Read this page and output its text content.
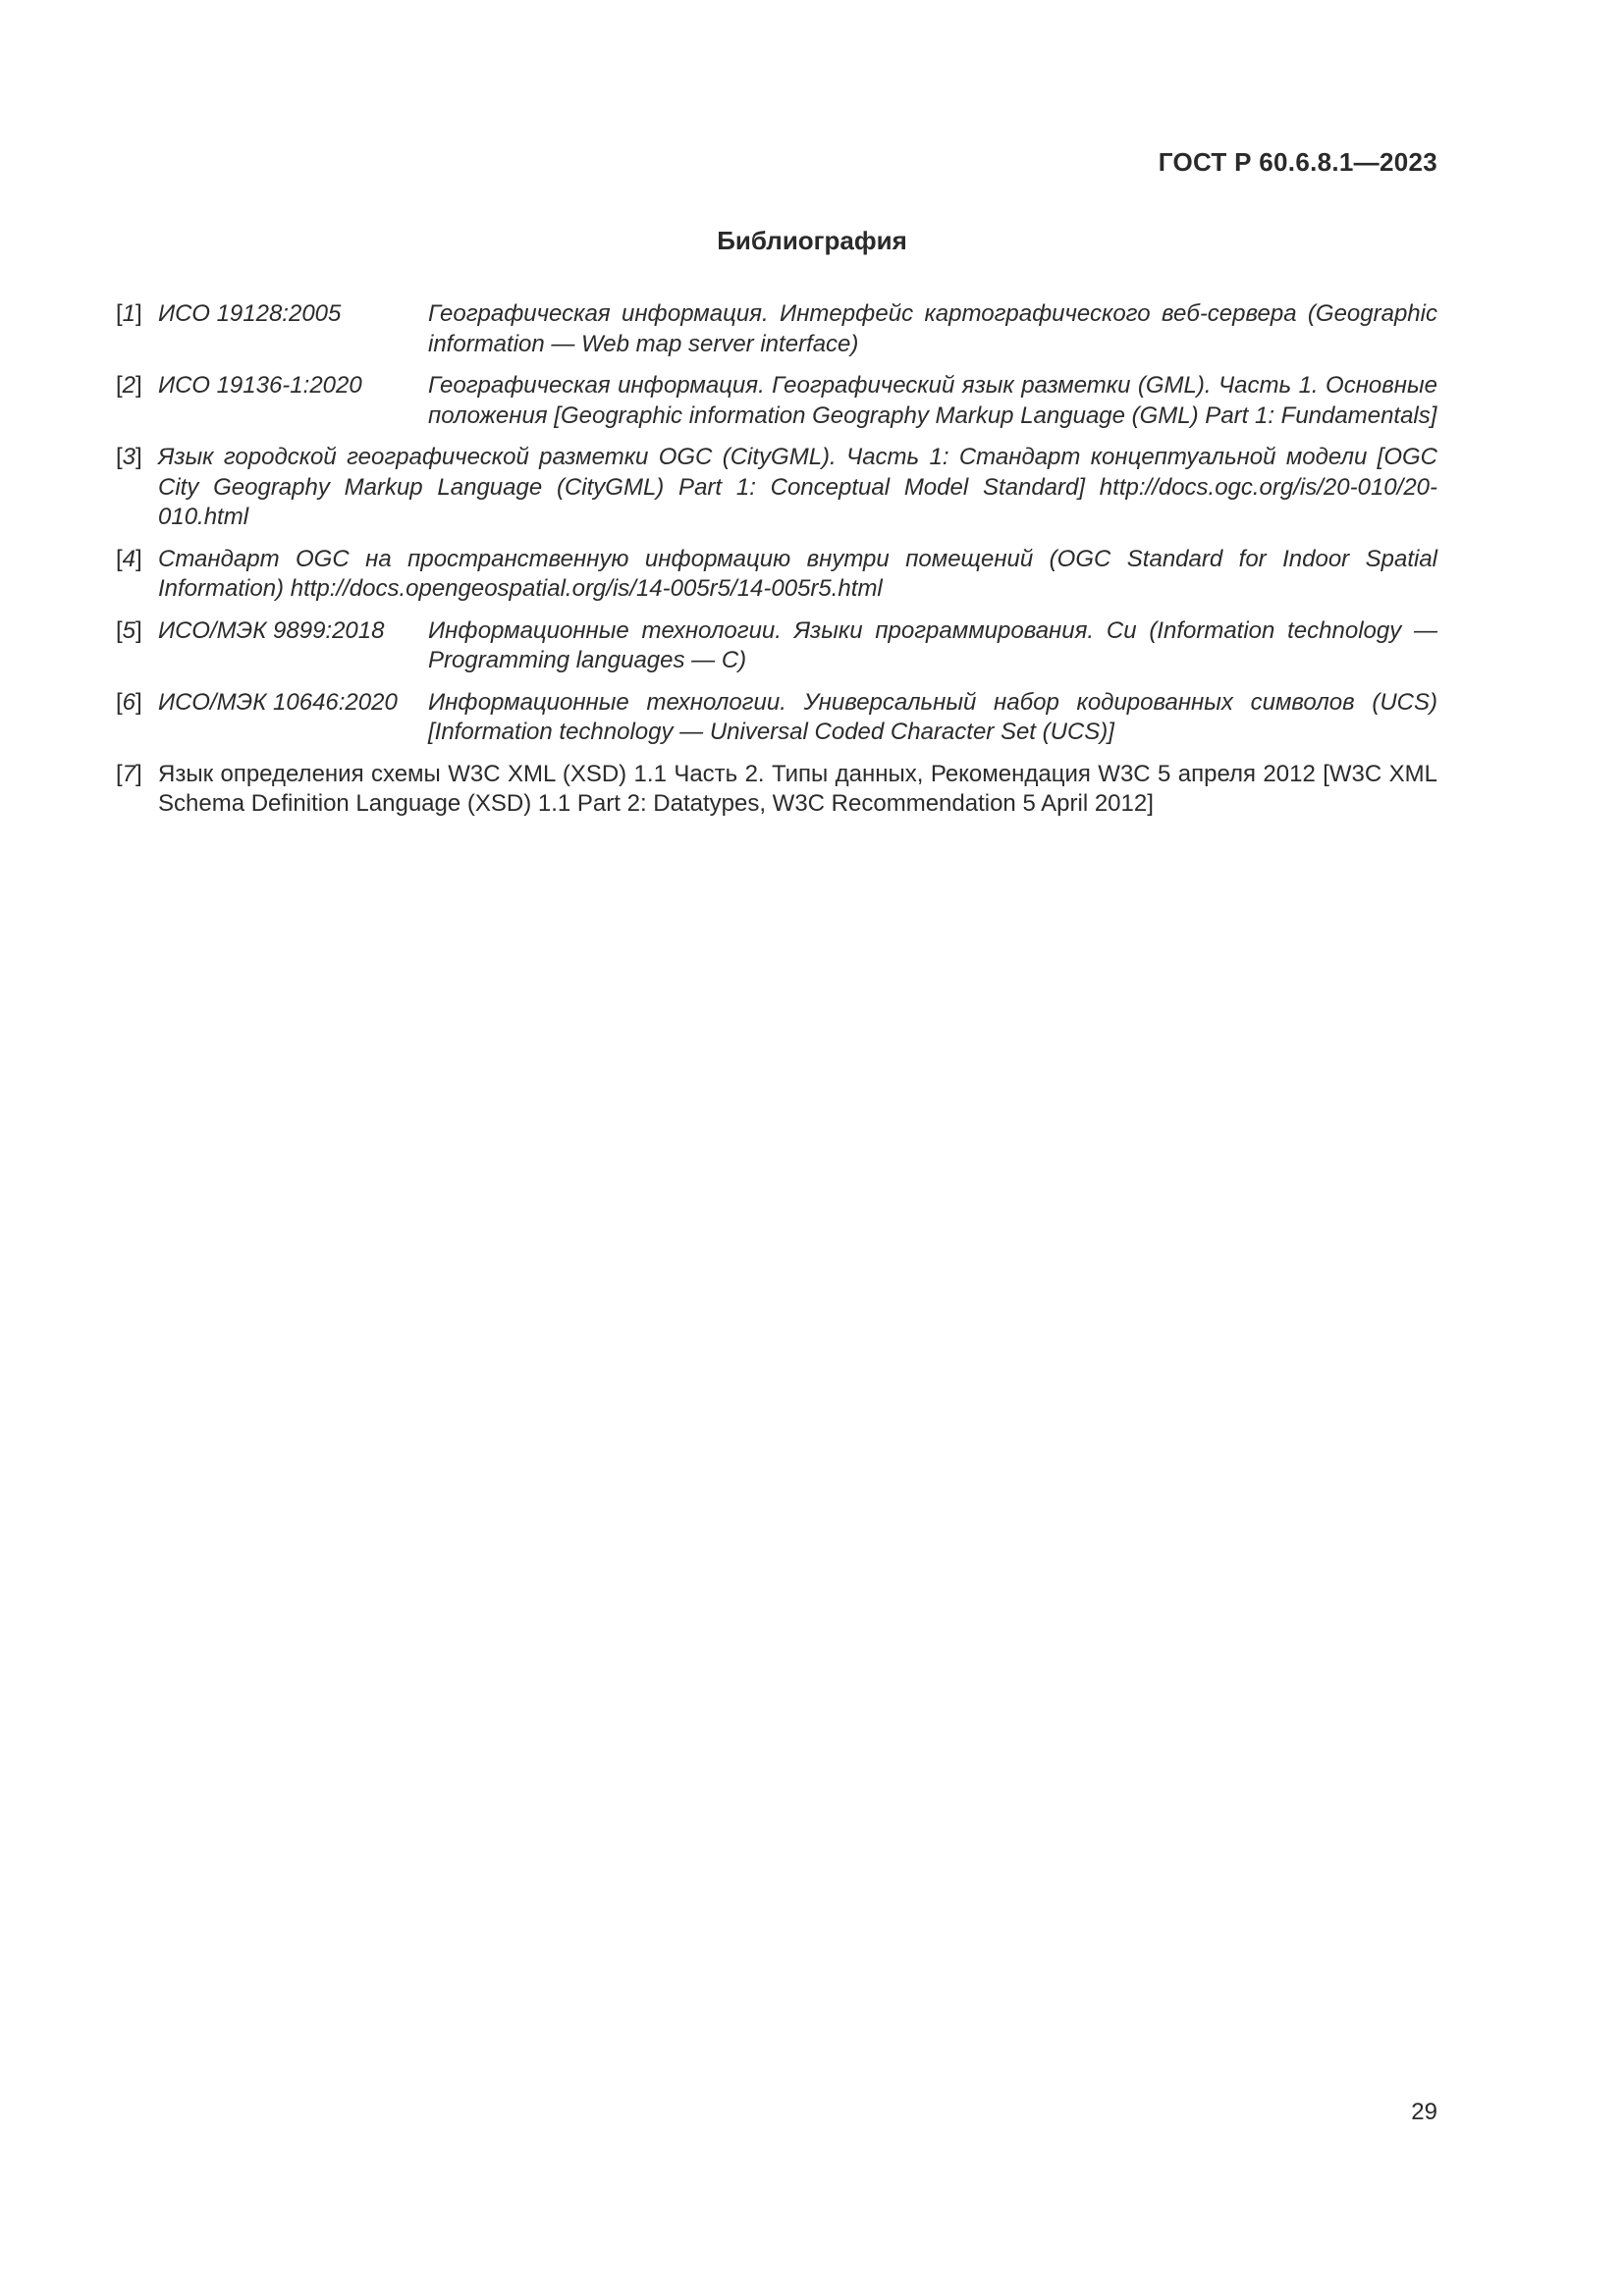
ГОСТ Р 60.6.8.1—2023
Библиография
[1] ИСО 19128:2005	Географическая информация. Интерфейс картографического веб-сервера (Geographic information — Web map server interface)
[2] ИСО 19136-1:2020	Географическая информация. Географический язык разметки (GML). Часть 1. Основные положения [Geographic information Geography Markup Language (GML) Part 1: Fundamentals]
[3] Язык городской географической разметки OGC (CityGML). Часть 1: Стандарт концептуальной модели [OGC City Geography Markup Language (CityGML) Part 1: Conceptual Model Standard] http://docs.ogc.org/is/20-010/20-010.html
[4] Стандарт OGC на пространственную информацию внутри помещений (OGC Standard for Indoor Spatial Information) http://docs.opengeospatial.org/is/14-005r5/14-005r5.html
[5] ИСО/МЭК 9899:2018 Информационные технологии. Языки программирования. Си (Information technology — Programming languages — C)
[6] ИСО/МЭК 10646:2020 Информационные технологии. Универсальный набор кодированных символов (UCS) [Information technology — Universal Coded Character Set (UCS)]
[7] Язык определения схемы W3C XML (XSD) 1.1 Часть 2. Типы данных, Рекомендация W3C 5 апреля 2012 [W3C XML Schema Definition Language (XSD) 1.1 Part 2: Datatypes, W3C Recommendation 5 April 2012]
29
